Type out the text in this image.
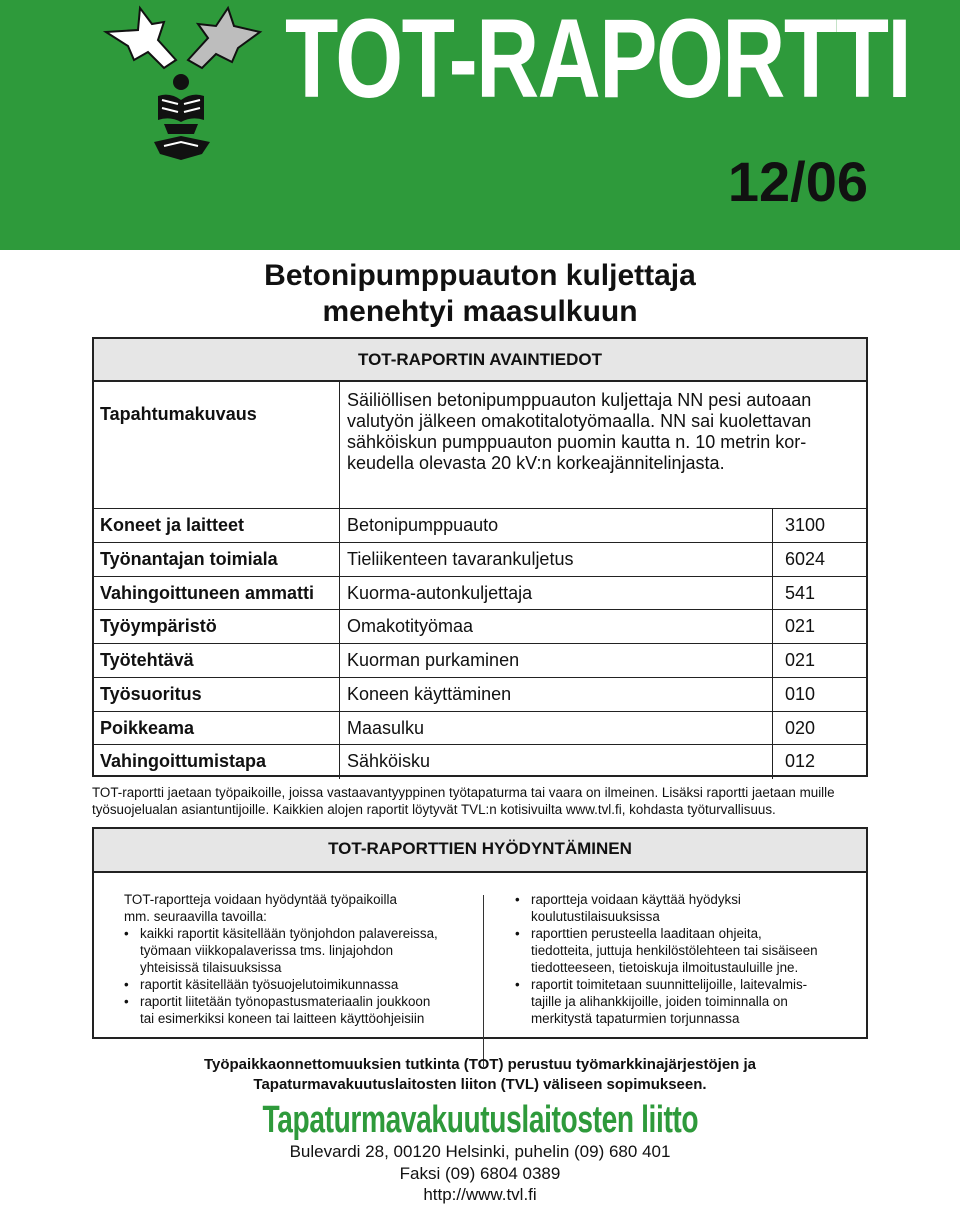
TOT-RAPORTTI
12/06
Betonipumppuauton kuljettaja
menehtyi maasulkuun
TOT-RAPORTIN AVAINTIEDOT
Tapahtumakuvaus
Säiliöllisen betonipumppuauton kuljettaja NN pesi autoaan
valutyön jälkeen omakotitalotyömaalla. NN sai kuolettavan
sähköiskun pumppuauton puomin kautta n. 10 metrin kor-
keudella olevasta 20 kV:n korkeajännitelinjasta.
Koneet ja laitteet	Betonipumppuauto	3100
Työnantajan toimiala	Tieliikenteen tavarankuljetus	6024
Vahingoittuneen ammatti	Kuorma-autonkuljettaja	541
Työympäristö	Omakotityömaa	021
Työtehtävä	Kuorman purkaminen	021
Työsuoritus	Koneen käyttäminen	010
Poikkeama	Maasulku	020
Vahingoittumistapa	Sähköisku	012
TOT-raportti jaetaan työpaikoille, joissa vastaavantyyppinen työtapaturma tai vaara on ilmeinen. Lisäksi raportti jaetaan muille
työsuojelualan asiantuntijoille. Kaikkien alojen raportit löytyvät TVL:n kotisivuilta www.tvl.fi, kohdasta työturvallisuus.
TOT-RAPORTTIEN HYÖDYNTÄMINEN
TOT-raportteja voidaan hyödyntää työpaikoilla
mm. seuraavilla tavoilla:
• kaikki raportit käsitellään työnjohdon palavereissa,
työmaan viikkopalaverissa tms. linjajohdon
yhteisissä tilaisuuksissa
• raportit käsitellään työsuojelutoimikunnassa
• raportit liitetään työnopastusmateriaalin joukkoon
tai esimerkiksi koneen tai laitteen käyttöohjeisiin
• raportteja voidaan käyttää hyödyksi
koulutustilaisuuksissa
• raporttien perusteella laaditaan ohjeita,
tiedotteita, juttuja henkilöstölehteen tai sisäiseen
tiedotteeseen, tietoiskuja ilmoitustauluille jne.
• raportit toimitetaan suunnittelijoille, laitevalmis-
tajille ja alihankkijoille, joiden toiminnalla on
merkitystä tapaturmien torjunnassa
Työpaikkaonnettomuuksien tutkinta (TOT) perustuu työmarkkinajärjestöjen ja
Tapaturmavakuutuslaitosten liiton (TVL) väliseen sopimukseen.
Tapaturmavakuutuslaitosten liitto
Bulevardi 28, 00120 Helsinki, puhelin (09) 680 401
Faksi (09) 6804 0389
http://www.tvl.fi
